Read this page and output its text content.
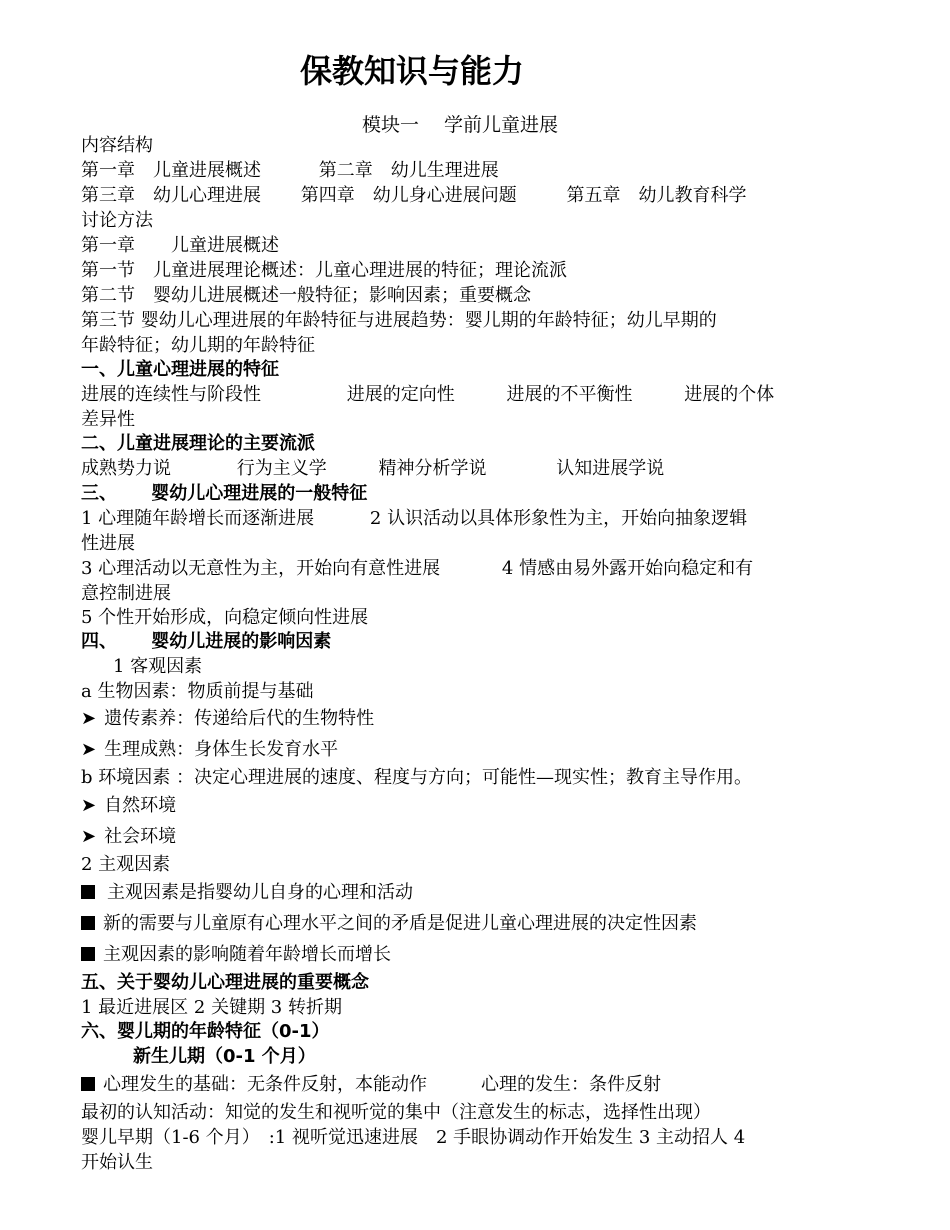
保教知识与能力
模块一　 学前儿童进展
内容结构
第一章　儿童进展概述	第二章　幼儿生理进展
第三章　幼儿心理进展 第四章　幼儿身心进展问题	第五章　幼儿教育科学
讨论方法
第一章　　儿童进展概述
第一节　儿童进展理论概述：儿童心理进展的特征；理论流派
第二节　婴幼儿进展概述一般特征；影响因素；重要概念
第三节 婴幼儿心理进展的年龄特征与进展趋势：婴儿期的年龄特征；幼儿早期的
年龄特征；幼儿期的年龄特征
一、儿童心理进展的特征
进展的连续性与阶段性	进展的定向性	进展的不平衡性	进展的个体
差异性
二、儿童进展理论的主要流派
成熟势力说	行为主义学	精神分析学说	认知进展学说
三、 婴幼儿心理进展的一般特征
1 心理随年龄增长而逐渐进展	2 认识活动以具体形象性为主，开始向抽象逻辑
性进展
3 心理活动以无意性为主，开始向有意性进展	4 情感由易外露开始向稳定和有
意控制进展
5 个性开始形成，向稳定倾向性进展
四、 婴幼儿进展的影响因素
1 客观因素
a 生物因素：物质前提与基础
➤ 遗传素养：传递给后代的生物特性
➤ 生理成熟：身体生长发育水平
b 环境因素 ：决定心理进展的速度、程度与方向；可能性—现实性；教育主导作用。
➤ 自然环境
➤ 社会环境
2 主观因素
主观因素是指婴幼儿自身的心理和活动
新的需要与儿童原有心理水平之间的矛盾是促进儿童心理进展的决定性因素
主观因素的影响随着年龄增长而增长
五、关于婴幼儿心理进展的重要概念
1 最近进展区 2 关键期 3 转折期
六、婴儿期的年龄特征（0-1）
新生儿期（0-1 个月）
心理发生的基础：无条件反射，本能动作	心理的发生：条件反射
最初的认知活动：知觉的发生和视听觉的集中（注意发生的标志，选择性出现）
婴儿早期（1-6 个月）　:1 视听觉迅速进展　2 手眼协调动作开始发生 3 主动招人 4
开始认生
